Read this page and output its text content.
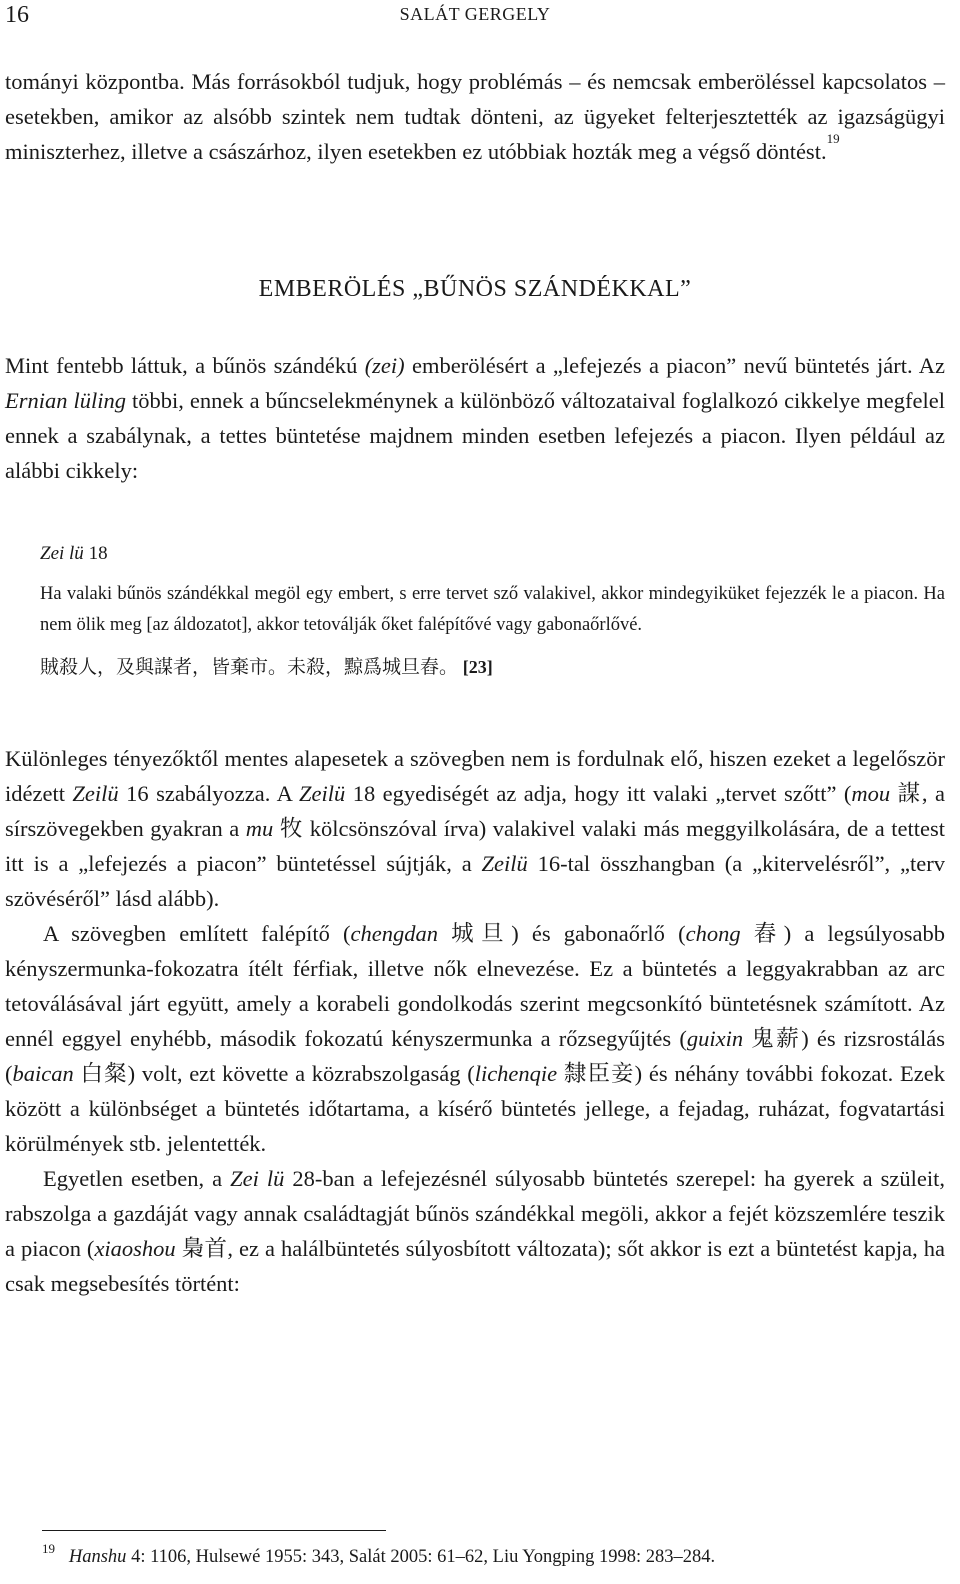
16	SALÁT GERGELY

tományi központba. Más forrásokból tudjuk, hogy problémás – és nemcsak emberöléssel kapcsolatos – esetekben, amikor az alsóbb szintek nem tudtak dönteni, az ügyeket felterjesztették az igazságügyi miniszterhez, illetve a császárhoz, ilyen esetekben ez utóbbiak hozták meg a végső döntést.$^{19}$

EMBERÖLÉS „BŰNÖS SZÁNDÉKKAL”

Mint fentebb láttuk, a bűnös szándékú (zei) emberölésért a „lefejezés a piacon” nevű büntetés járt. Az Ernian lüling többi, ennek a bűncselekménynek a különböző változataival foglalkozó cikkelye megfelel ennek a szabálynak, a tettes büntetése majdnem minden esetben lefejezés a piacon. Ilyen például az alábbi cikkely:

Zei lü 18

Ha valaki bűnös szándékkal megöl egy embert, s erre tervet sző valakivel, akkor mindegyiküket fejezzék le a piacon. Ha nem ölik meg [az áldozatot], akkor tetoválják őket falépítővé vagy gabonaőrlővé.

賊殺人，及與謀者，皆棄市。未殺，黥爲城旦舂。 [23]

Különleges tényezőktől mentes alapesetek a szövegben nem is fordulnak elő, hiszen ezeket a legelőször idézett Zeilü 16 szabályozza. A Zeilü 18 egyediségét az adja, hogy itt valaki „tervet szőtt” (mou 謀, a sírszövegekben gyakran a mu 牧 kölcsönszóval írva) valakivel valaki más meggyilkolására, de a tettest itt is a „lefejezés a piacon” büntetéssel sújtják, a Zeilü 16-tal összhangban (a „kitervelésről”, „terv szövéséről” lásd alább).

A szövegben említett falépítő (chengdan 城旦) és gabonaőrlő (chong 舂) a legsúlyosabb kényszermunka-fokozatra ítélt férfiak, illetve nők elnevezése. Ez a büntetés a leggyakrabban az arc tetoválásával járt együtt, amely a korabeli gondolkodás szerint megcsonkító büntetésnek számított. Az ennél eggyel enyhébb, második fokozatú kényszermunka a rőzsegyűjtés (guixin 鬼薪) és rizsrostálás (baican 白粲) volt, ezt követte a közrabszolgaság (lichenqie 隸臣妾) és néhány további fokozat. Ezek között a különbséget a büntetés időtartama, a kísérő büntetés jellege, a fejadag, ruházat, fogvatartási körülmények stb. jelentették.

Egyetlen esetben, a Zei lü 28-ban a lefejezésnél súlyosabb büntetés szerepel: ha gyerek a szüleit, rabszolga a gazdáját vagy annak családtagját bűnös szándékkal megöli, akkor a fejét közszemlére teszik a piacon (xiaoshou 梟首, ez a halálbüntetés súlyosbított változata); sőt akkor is ezt a büntetést kapja, ha csak megsebesítés történt:

$^{19}$ Hanshu 4: 1106, Hulsewé 1955: 343, Salát 2005: 61–62, Liu Yongping 1998: 283–284.
